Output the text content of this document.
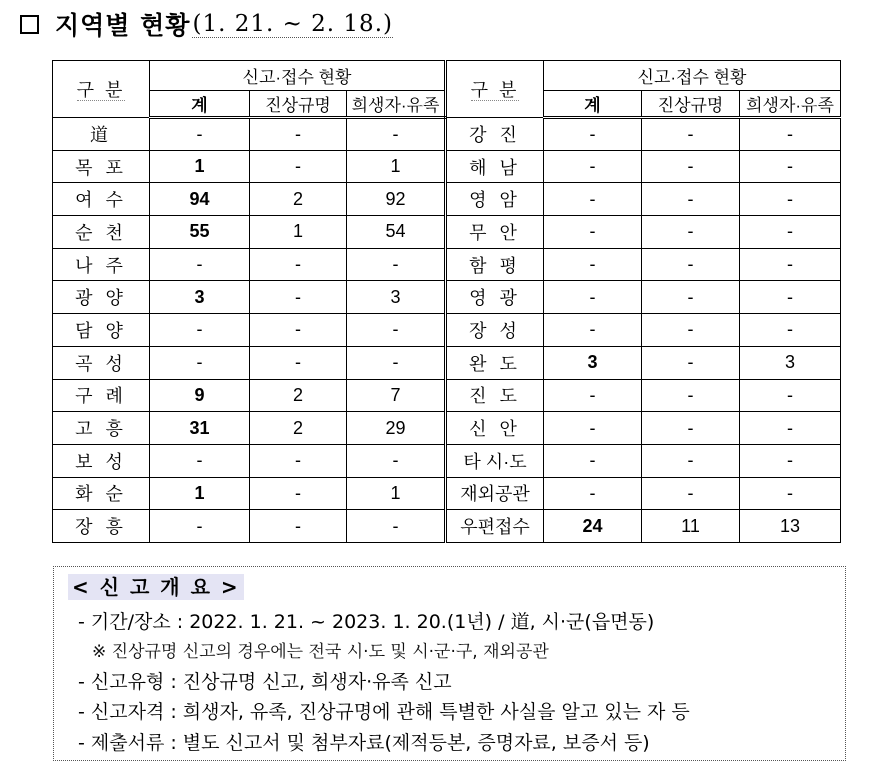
지역별 현황 (1. 21. ~ 2. 18.)
구 분	신고·접수 현황			구 분	신고·접수 현황		
	계	진상규명	희생자·유족		계	진상규명	희생자·유족
道	-	-	-	강 진	-	-	-
목 포	1	-	1	해 남	-	-	-
여 수	94	2	92	영 암	-	-	-
순 천	55	1	54	무 안	-	-	-
나 주	-	-	-	함 평	-	-	-
광 양	3	-	3	영 광	-	-	-
담 양	-	-	-	장 성	-	-	-
곡 성	-	-	-	완 도	3	-	3
구 례	9	2	7	진 도	-	-	-
고 흥	31	2	29	신 안	-	-	-
보 성	-	-	-	타 시·도	-	-	-
화 순	1	-	1	재외공관	-	-	-
장 흥	-	-	-	우편접수	24	11	13
< 신 고 개 요 >
- 기간/장소 : 2022. 1. 21. ~ 2023. 1. 20.(1년) / 道, 시·군(읍면동)
※ 진상규명 신고의 경우에는 전국 시·도 및 시·군·구, 재외공관
- 신고유형 : 진상규명 신고, 희생자·유족 신고
- 신고자격 : 희생자, 유족, 진상규명에 관해 특별한 사실을 알고 있는 자 등
- 제출서류 : 별도 신고서 및 첨부자료(제적등본, 증명자료, 보증서 등)
